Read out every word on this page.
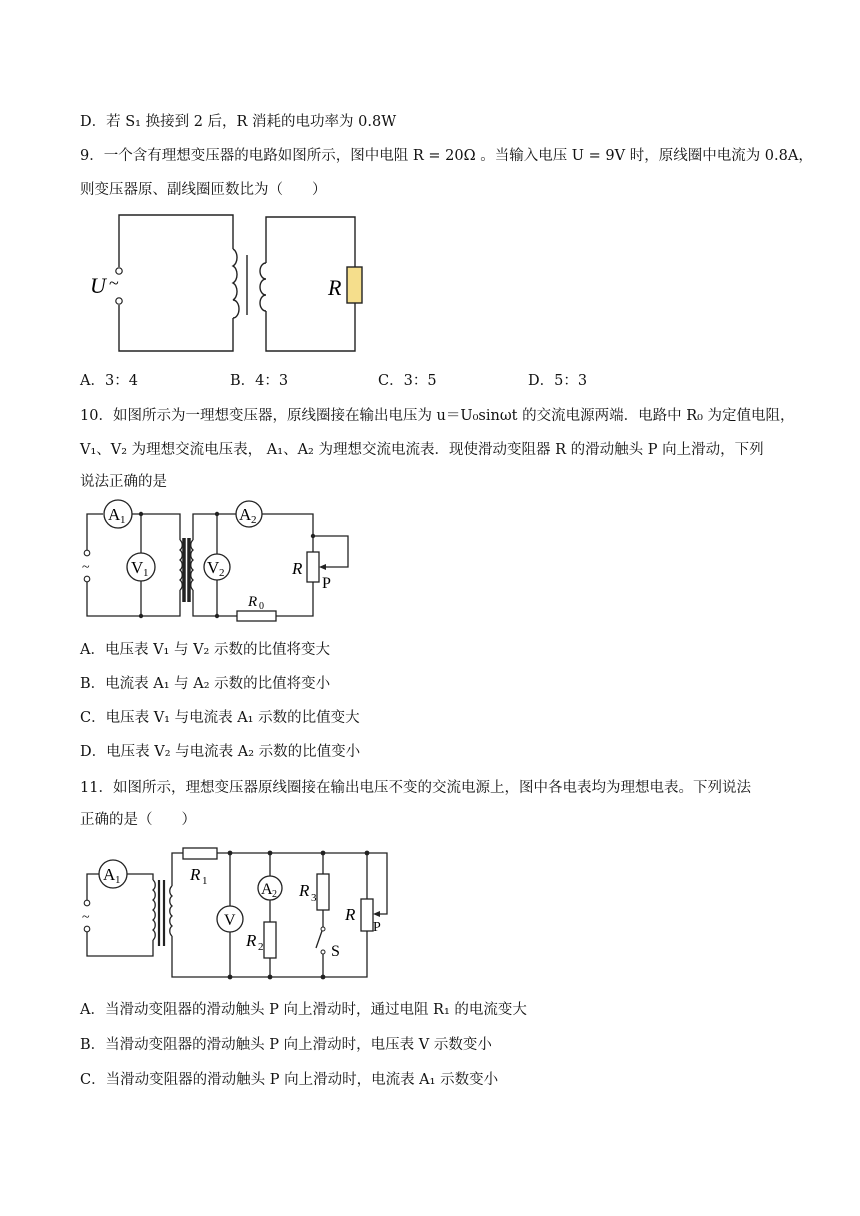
D．若 S₁ 换接到 2 后，R 消耗的电功率为 0.8W
9．一个含有理想变压器的电路如图所示，图中电阻 R = 20Ω 。当输入电压 U = 9V 时，原线圈中电流为 0.8A，
则变压器原、副线圈匝数比为（　　）
U ~	R
A．3：4	B．4：3	C．3：5	D．5：3
10．如图所示为一理想变压器，原线圈接在输出电压为 u＝U₀sinωt 的交流电源两端．电路中 R₀ 为定值电阻，
V₁、V₂ 为理想交流电压表， A₁、A₂ 为理想交流电流表．现使滑动变阻器 R 的滑动触头 P 向上滑动，下列
说法正确的是
~
A 1
V 1	V 2
A 2
R
P
R 0
A．电压表 V₁ 与 V₂ 示数的比值将变大
B．电流表 A₁ 与 A₂ 示数的比值将变小
C．电压表 V₁ 与电流表 A₁ 示数的比值变大
D．电压表 V₂ 与电流表 A₂ 示数的比值变小
11．如图所示，理想变压器原线圈接在输出电压不变的交流电源上，图中各电表均为理想电表。下列说法
正确的是（　　）
~
A 1	R 1
V
A 2
R 2
R 3
S
R
P
A．当滑动变阻器的滑动触头 P 向上滑动时，通过电阻 R₁ 的电流变大
B．当滑动变阻器的滑动触头 P 向上滑动时，电压表 V 示数变小
C．当滑动变阻器的滑动触头 P 向上滑动时，电流表 A₁ 示数变小
